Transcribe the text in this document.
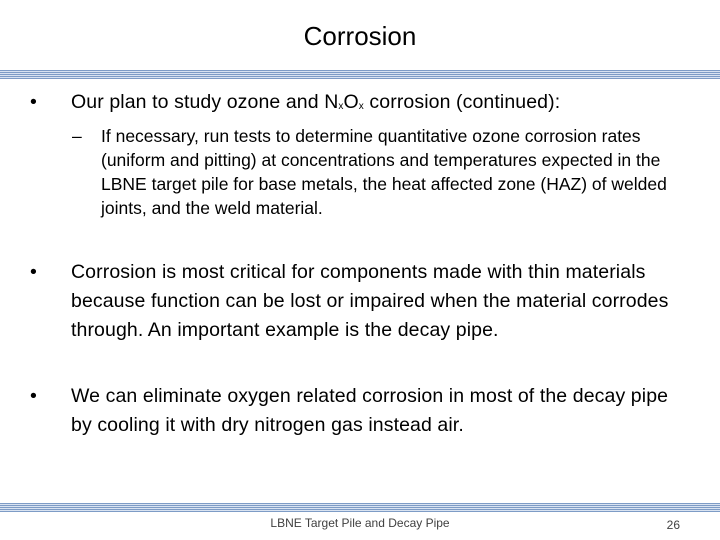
Corrosion
• Our plan to study ozone and $N_xO_x$ corrosion (continued):
– If necessary, run tests to determine quantitative ozone corrosion rates (uniform and pitting) at concentrations and temperatures expected in the LBNE target pile for base metals, the heat affected zone (HAZ) of welded joints, and the weld material.
• Corrosion is most critical for components made with thin materials because function can be lost or impaired when the material corrodes through. An important example is the decay pipe.
• We can eliminate oxygen related corrosion in most of the decay pipe by cooling it with dry nitrogen gas instead air.
LBNE Target Pile and Decay Pipe	26
